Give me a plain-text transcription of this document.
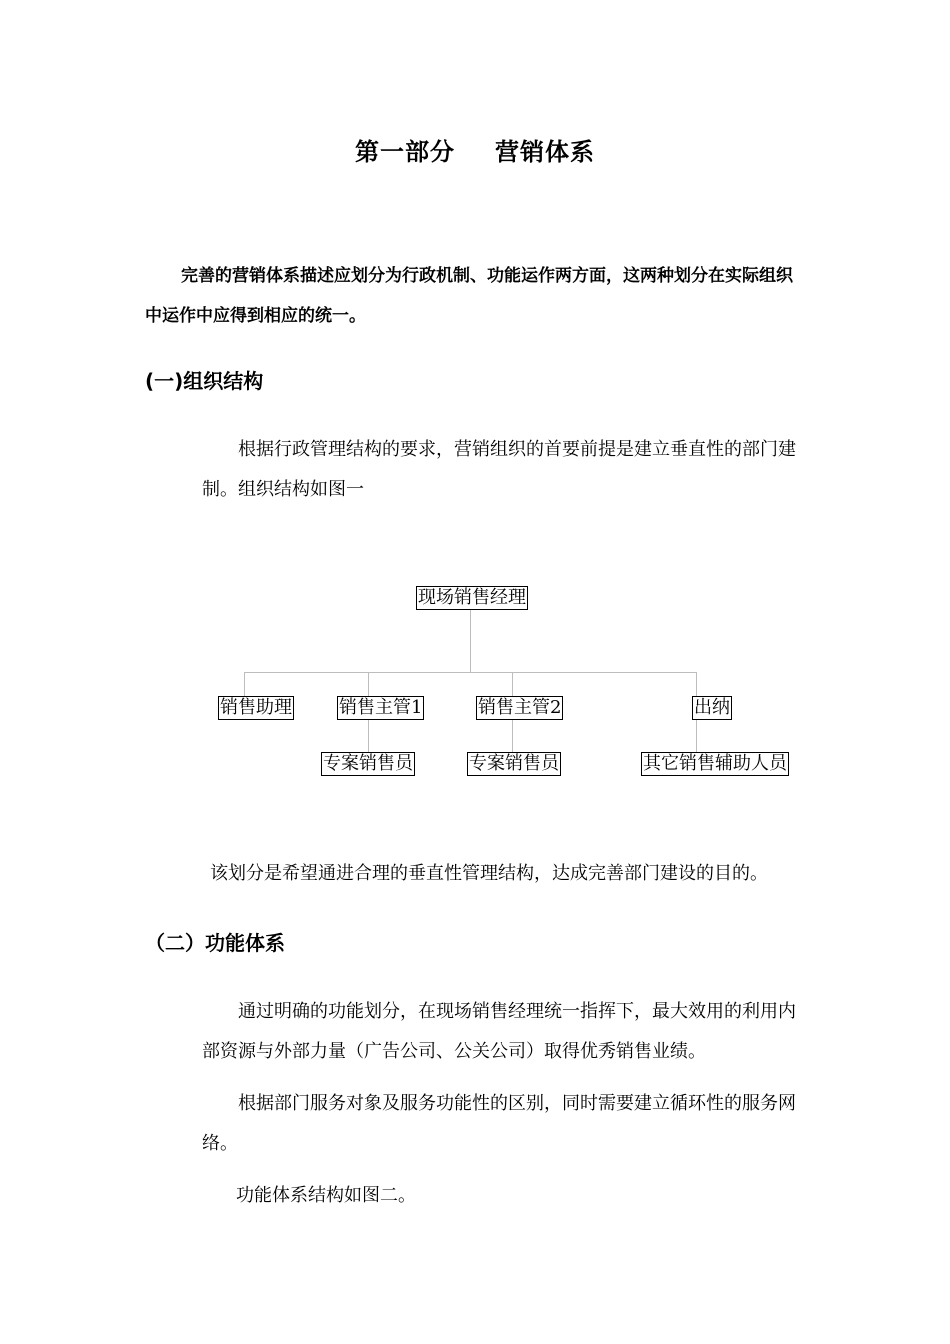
第一部分 营销体系

完善的营销体系描述应划分为行政机制、功能运作两方面，这两种划分在实际组织中运作中应得到相应的统一。

(一)组织结构

根据行政管理结构的要求，营销组织的首要前提是建立垂直性的部门建制。组织结构如图一

现场销售经理
销售助理	销售主管1	销售主管2	出纳
专案销售员	专案销售员	其它销售辅助人员

该划分是希望通进合理的垂直性管理结构，达成完善部门建设的目的。

（二）功能体系

通过明确的功能划分，在现场销售经理统一指挥下，最大效用的利用内部资源与外部力量（广告公司、公关公司）取得优秀销售业绩。

根据部门服务对象及服务功能性的区别，同时需要建立循环性的服务网络。

功能体系结构如图二。
